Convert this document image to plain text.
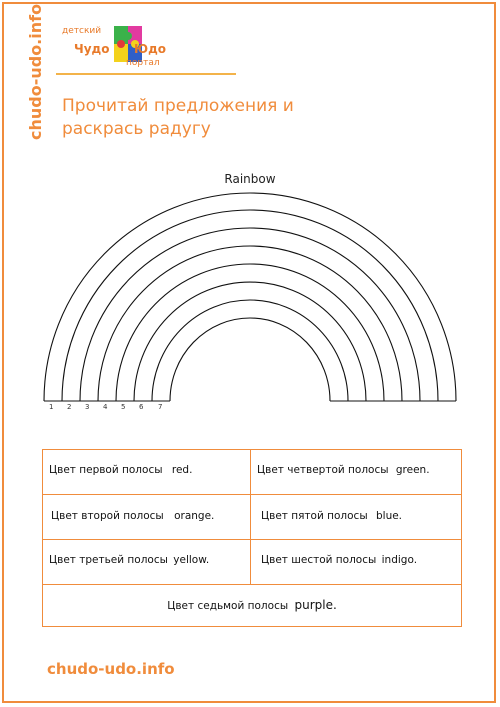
chudo-udo.info детский
Чудо Юдо
портал
Прочитай предложения и
раскрась радугу
Rainbow
1 2 3 4 5 6 7
Цвет первой полосы red.	Цвет четвертой полосы green.
Цвет второй полосы orange.	Цвет пятой полосы blue.
Цвет третьей полосы yellow.	Цвет шестой полосы indigo.
Цвет седьмой полосы purple.
chudo-udo.info
